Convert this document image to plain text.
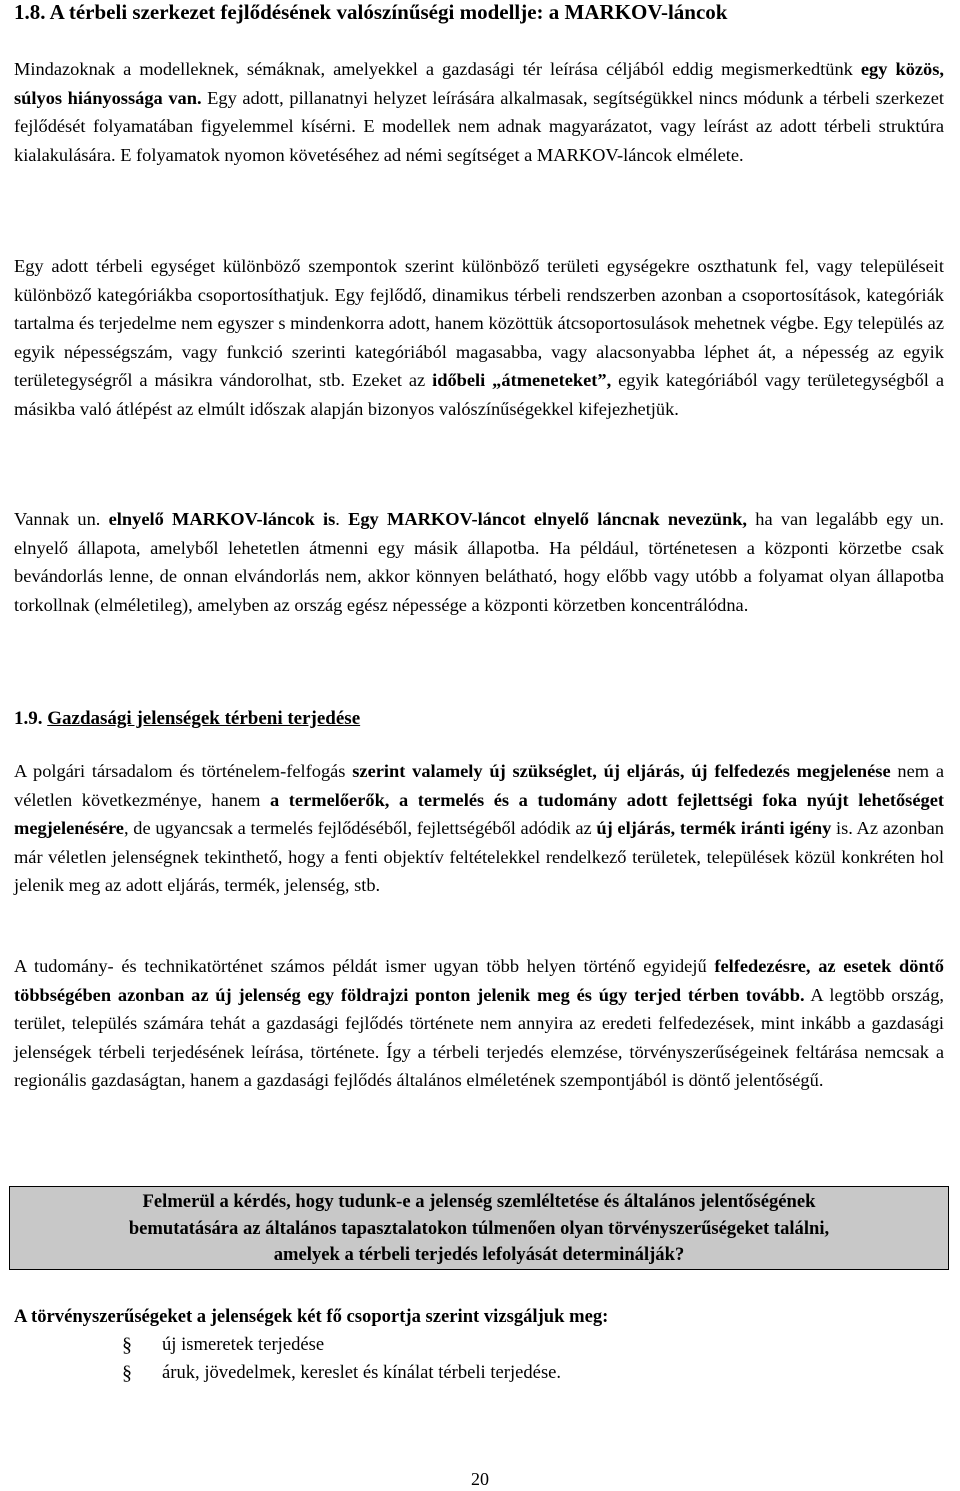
1.8. A térbeli szerkezet fejlődésének valószínűségi modellje: a MARKOV-láncok

Mindazoknak a modelleknek, sémáknak, amelyekkel a gazdasági tér leírása céljából eddig megismerkedtünk egy közös, súlyos hiányossága van. Egy adott, pillanatnyi helyzet leírására alkalmasak, segítségükkel nincs módunk a térbeli szerkezet fejlődését folyamatában figyelemmel kísérni. E modellek nem adnak magyarázatot, vagy leírást az adott térbeli struktúra kialakulására. E folyamatok nyomon követéséhez ad némi segítséget a MARKOV-láncok elmélete.

Egy adott térbeli egységet különböző szempontok szerint különböző területi egységekre oszthatunk fel, vagy településeit különböző kategóriákba csoportosíthatjuk. Egy fejlődő, dinamikus térbeli rendszerben azonban a csoportosítások, kategóriák tartalma és terjedelme nem egyszer s mindenkorra adott, hanem közöttük átcsoportosulások mehetnek végbe. Egy település az egyik népességszám, vagy funkció szerinti kategóriából magasabba, vagy alacsonyabba léphet át, a népesség az egyik területegységről a másikra vándorolhat, stb. Ezeket az időbeli „átmeneteket”, egyik kategóriából vagy területegységből a másikba való átlépést az elmúlt időszak alapján bizonyos valószínűségekkel kifejezhetjük.

Vannak un. elnyelő MARKOV-láncok is. Egy MARKOV-láncot elnyelő láncnak nevezünk, ha van legalább egy un. elnyelő állapota, amelyből lehetetlen átmenni egy másik állapotba. Ha például, történetesen a központi körzetbe csak bevándorlás lenne, de onnan elvándorlás nem, akkor könnyen belátható, hogy előbb vagy utóbb a folyamat olyan állapotba torkollnak (elméletileg), amelyben az ország egész népessége a központi körzetben koncentrálódna.

1.9. Gazdasági jelenségek térbeni terjedése

A polgári társadalom és történelem-felfogás szerint valamely új szükséglet, új eljárás, új felfedezés megjelenése nem a véletlen következménye, hanem a termelőerők, a termelés és a tudomány adott fejlettségi foka nyújt lehetőséget megjelenésére, de ugyancsak a termelés fejlődéséből, fejlettségéből adódik az új eljárás, termék iránti igény is. Az azonban már véletlen jelenségnek tekinthető, hogy a fenti objektív feltételekkel rendelkező területek, települések közül konkréten hol jelenik meg az adott eljárás, termék, jelenség, stb.

A tudomány- és technikatörténet számos példát ismer ugyan több helyen történő egyidejű felfedezésre, az esetek döntő többségében azonban az új jelenség egy földrajzi ponton jelenik meg és úgy terjed térben tovább. A legtöbb ország, terület, település számára tehát a gazdasági fejlődés története nem annyira az eredeti felfedezések, mint inkább a gazdasági jelenségek térbeli terjedésének leírása, története. Így a térbeli terjedés elemzése, törvényszerűségeinek feltárása nemcsak a regionális gazdaságtan, hanem a gazdasági fejlődés általános elméletének szempontjából is döntő jelentőségű.

Felmerül a kérdés, hogy tudunk-e a jelenség szemléltetése és általános jelentőségének
bemutatására az általános tapasztalatokon túlmenően olyan törvényszerűségeket találni,
amelyek a térbeli terjedés lefolyását determinálják?
A törvényszerűségeket a jelenségek két fő csoportja szerint vizsgáljuk meg:
§	új ismeretek terjedése
§	áruk, jövedelmek, kereslet és kínálat térbeli terjedése.
20
